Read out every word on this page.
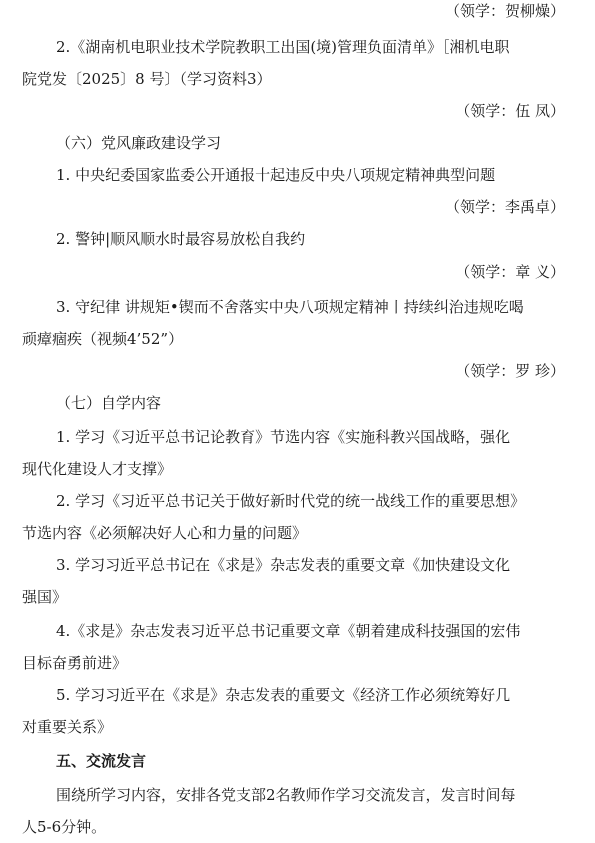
（领学：贺柳燥）
2.《湖南机电职业技术学院教职工出国(境)管理负面清单》［湘机电职
院党发〔2025〕8 号〕（学习资料3）
（领学：伍 凤）
（六）党风廉政建设学习
1. 中央纪委国家监委公开通报十起违反中央八项规定精神典型问题
（领学：李禹卓）
2. 警钟|顺风顺水时最容易放松自我约
（领学：章 义）
3. 守纪律 讲规矩•锲而不舍落实中央八项规定精神丨持续纠治违规吃喝
顽瘴痼疾（视频4’52”）
（领学：罗 珍）
（七）自学内容
1. 学习《习近平总书记论教育》节选内容《实施科教兴国战略，强化
现代化建设人才支撑》
2. 学习《习近平总书记关于做好新时代党的统一战线工作的重要思想》
节选内容《必须解决好人心和力量的问题》
3. 学习习近平总书记在《求是》杂志发表的重要文章《加快建设文化
强国》
4.《求是》杂志发表习近平总书记重要文章《朝着建成科技强国的宏伟
目标奋勇前进》
5. 学习习近平在《求是》杂志发表的重要文《经济工作必须统筹好几
对重要关系》
五、交流发言
围绕所学习内容，安排各党支部2名教师作学习交流发言，发言时间每
人5-6分钟。
